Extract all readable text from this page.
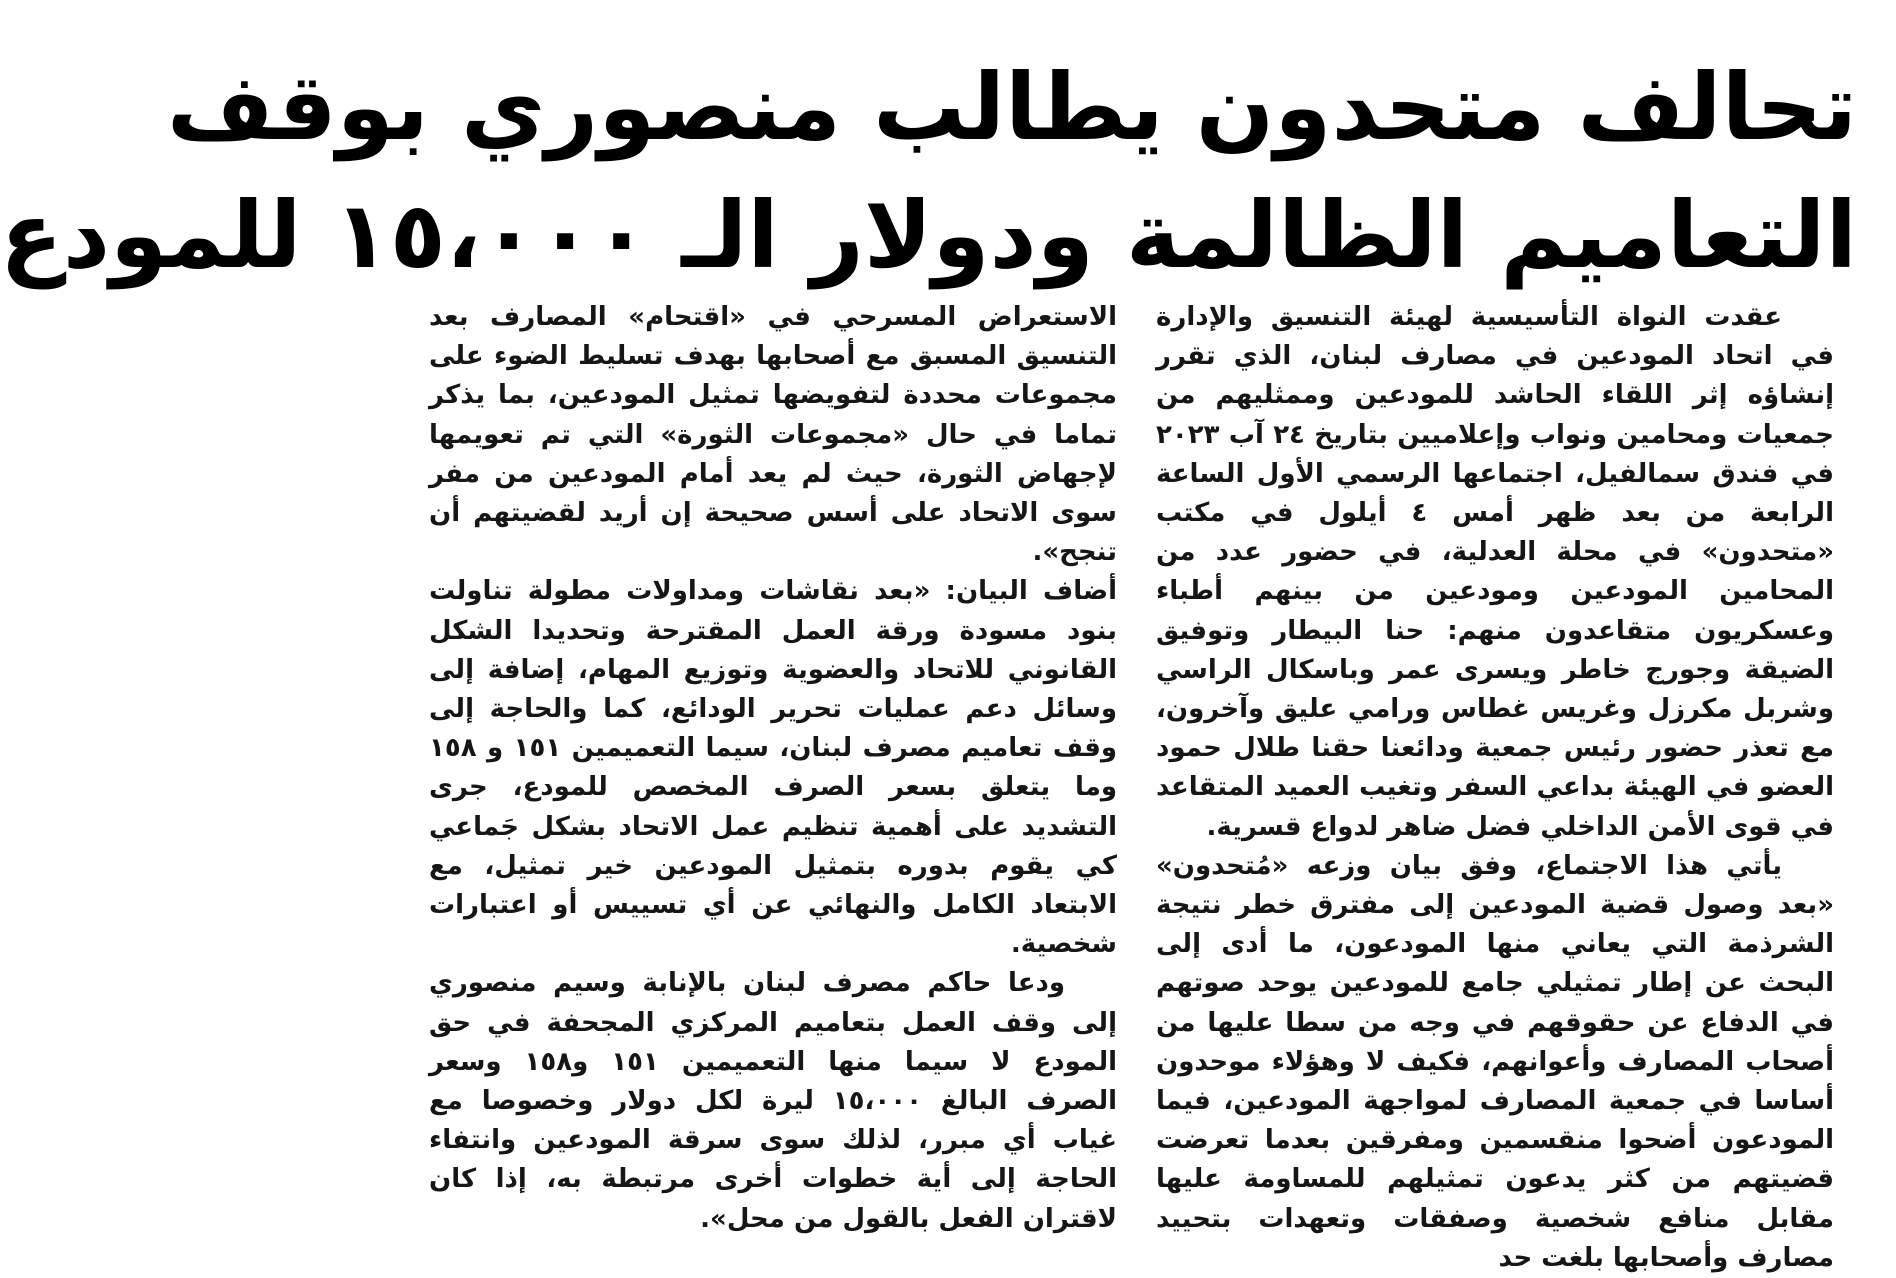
تحالف متحدون يطالب منصوري بوقف
التعاميم الظالمة ودولار الـ ١٥،٠٠٠ للمودع

عقدت النواة التأسيسية لهيئة التنسيق والإدارة في اتحاد المودعين في مصارف لبنان، الذي تقرر إنشاؤه إثر اللقاء الحاشد للمودعين وممثليهم من جمعيات ومحامين ونواب وإعلاميين بتاريخ ٢٤ آب ٢٠٢٣ في فندق سمالفيل، اجتماعها الرسمي الأول الساعة الرابعة من بعد ظهر أمس ٤ أيلول في مكتب «متحدون» في محلة العدلية، في حضور عدد من المحامين المودعين ومودعين من بينهم أطباء وعسكريون متقاعدون منهم: حنا البيطار وتوفيق الضيقة وجورج خاطر ويسرى عمر وباسكال الراسي وشربل مكرزل وغريس غطاس ورامي عليق وآخرون، مع تعذر حضور رئيس جمعية ودائعنا حقنا طلال حمود العضو في الهيئة بداعي السفر وتغيب العميد المتقاعد في قوى الأمن الداخلي فضل ضاهر لدواع قسرية.

يأتي هذا الاجتماع، وفق بيان وزعه «مُتحدون» «بعد وصول قضية المودعين إلى مفترق خطر نتيجة الشرذمة التي يعاني منها المودعون، ما أدى إلى البحث عن إطار تمثيلي جامع للمودعين يوحد صوتهم في الدفاع عن حقوقهم في وجه من سطا عليها من أصحاب المصارف وأعوانهم، فكيف لا وهؤلاء موحدون أساسا في جمعية المصارف لمواجهة المودعين، فيما المودعون أضحوا منقسمين ومفرقين بعدما تعرضت قضيتهم من كثر يدعون تمثيلهم للمساومة عليها مقابل منافع شخصية وصفقات وتعهدات بتحييد مصارف وأصحابها بلغت حد

الاستعراض المسرحي في «اقتحام» المصارف بعد التنسيق المسبق مع أصحابها بهدف تسليط الضوء على مجموعات محددة لتفويضها تمثيل المودعين، بما يذكر تماما في حال «مجموعات الثورة» التي تم تعويمها لإجهاض الثورة، حيث لم يعد أمام المودعين من مفر سوى الاتحاد على أسس صحيحة إن أريد لقضيتهم أن تنجح».

أضاف البيان: «بعد نقاشات ومداولات مطولة تناولت بنود مسودة ورقة العمل المقترحة وتحديدا الشكل القانوني للاتحاد والعضوية وتوزيع المهام، إضافة إلى وسائل دعم عمليات تحرير الودائع، كما والحاجة إلى وقف تعاميم مصرف لبنان، سيما التعميمين ١٥١ و ١٥٨ وما يتعلق بسعر الصرف المخصص للمودع، جرى التشديد على أهمية تنظيم عمل الاتحاد بشكل جَماعي كي يقوم بدوره بتمثيل المودعين خير تمثيل، مع الابتعاد الكامل والنهائي عن أي تسييس أو اعتبارات شخصية.

ودعا حاكم مصرف لبنان بالإنابة وسيم منصوري إلى وقف العمل بتعاميم المركزي المجحفة في حق المودع لا سيما منها التعميمين ١٥١ و١٥٨ وسعر الصرف البالغ ١٥،٠٠٠ ليرة لكل دولار وخصوصا مع غياب أي مبرر، لذلك سوى سرقة المودعين وانتفاء الحاجة إلى أية خطوات أخرى مرتبطة به، إذا كان لاقتران الفعل بالقول من محل».
